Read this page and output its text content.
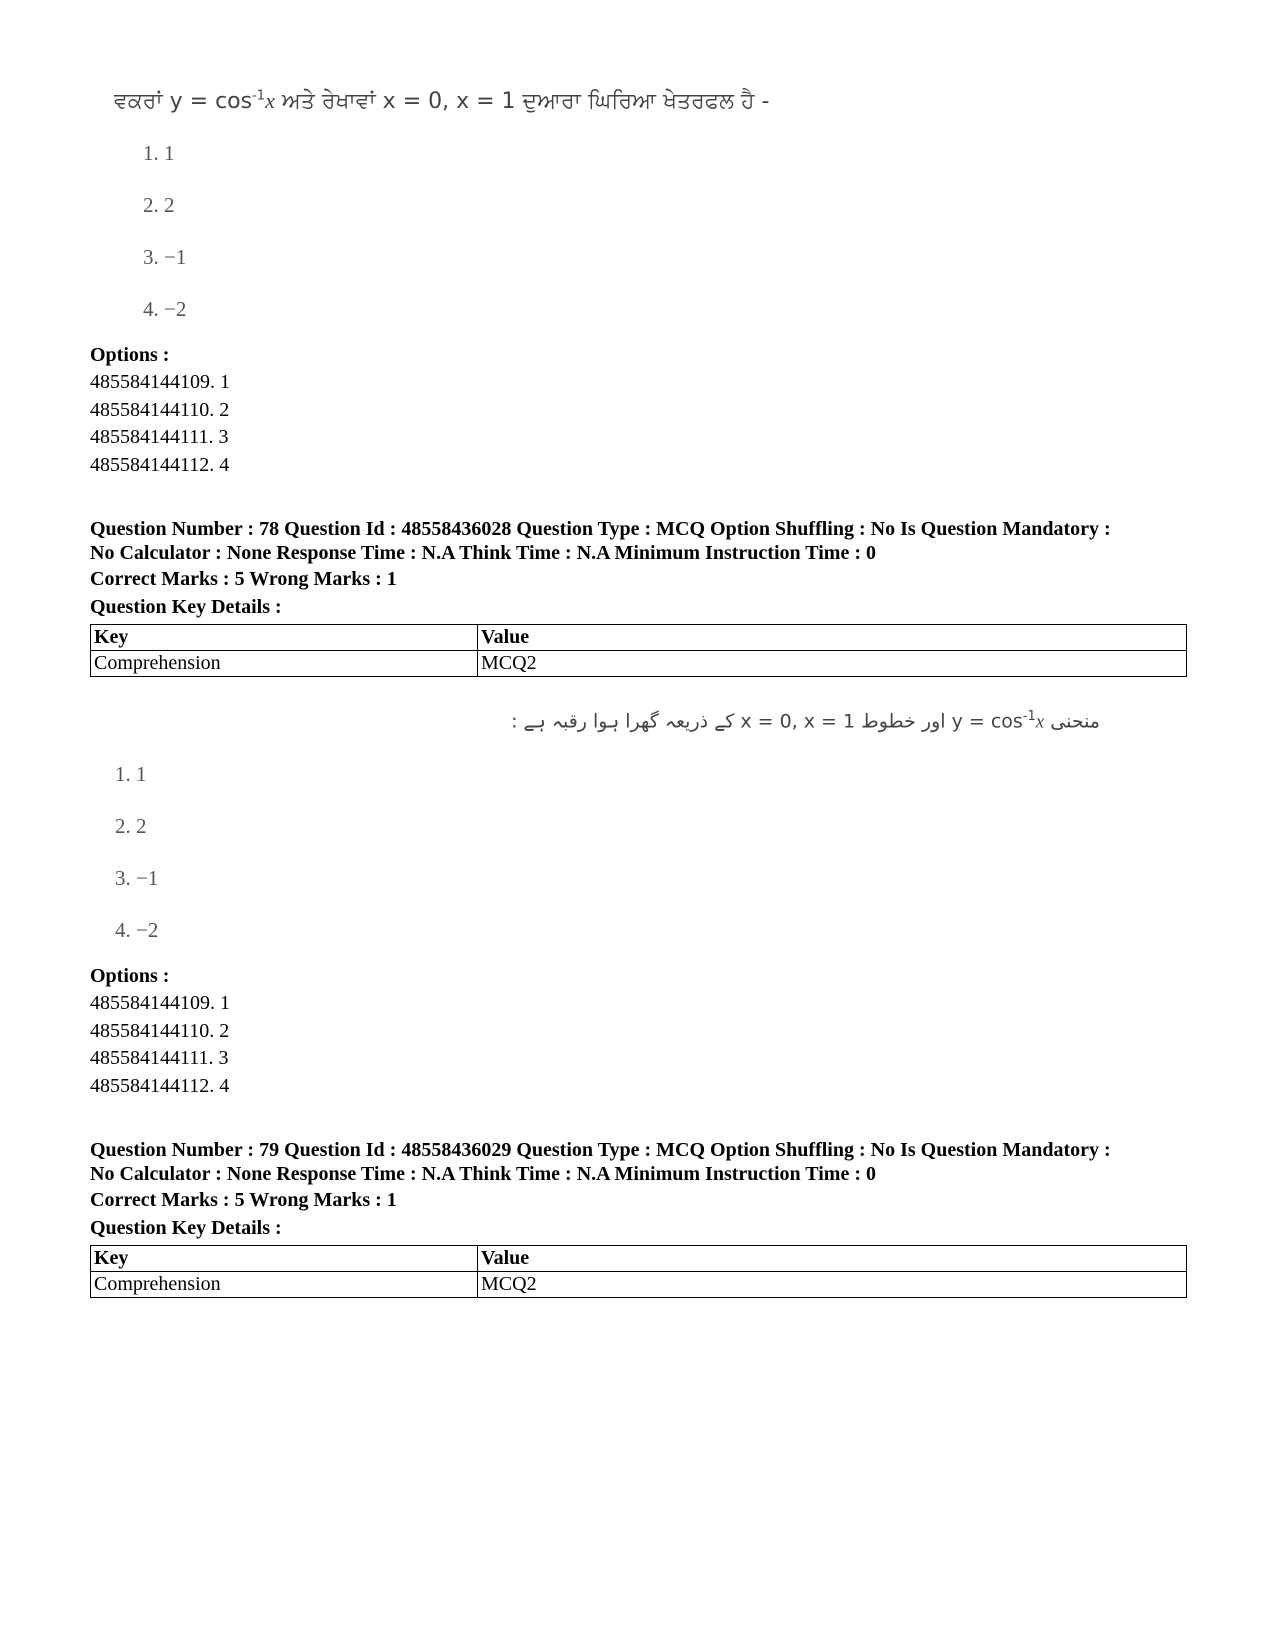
ਵਕਰਾਂ $y = \cos^{-1}x$ ਅਤੇ ਰੇਖਾਵਾਂ x = 0, x = 1 ਦੁਆਰਾ ਘਿਰਿਆ ਖੇਤਰਫਲ ਹੈ -
1. 1
2. 2
3. −1
4. −2
Options :
485584144109. 1
485584144110. 2
485584144111. 3
485584144112. 4
Question Number : 78 Question Id : 48558436028 Question Type : MCQ Option Shuffling : No Is Question Mandatory :
No Calculator : None Response Time : N.A Think Time : N.A Minimum Instruction Time : 0
Correct Marks : 5 Wrong Marks : 1
Question Key Details :
Key	Value
Comprehension	MCQ2
منحنی $y = \cos^{-1}x$ اور خطوط x = 0, x = 1 کے ذریعہ گھرا ہوا رقبہ ہے :
1. 1
2. 2
3. −1
4. −2
Options :
485584144109. 1
485584144110. 2
485584144111. 3
485584144112. 4
Question Number : 79 Question Id : 48558436029 Question Type : MCQ Option Shuffling : No Is Question Mandatory :
No Calculator : None Response Time : N.A Think Time : N.A Minimum Instruction Time : 0
Correct Marks : 5 Wrong Marks : 1
Question Key Details :
Key	Value
Comprehension	MCQ2
